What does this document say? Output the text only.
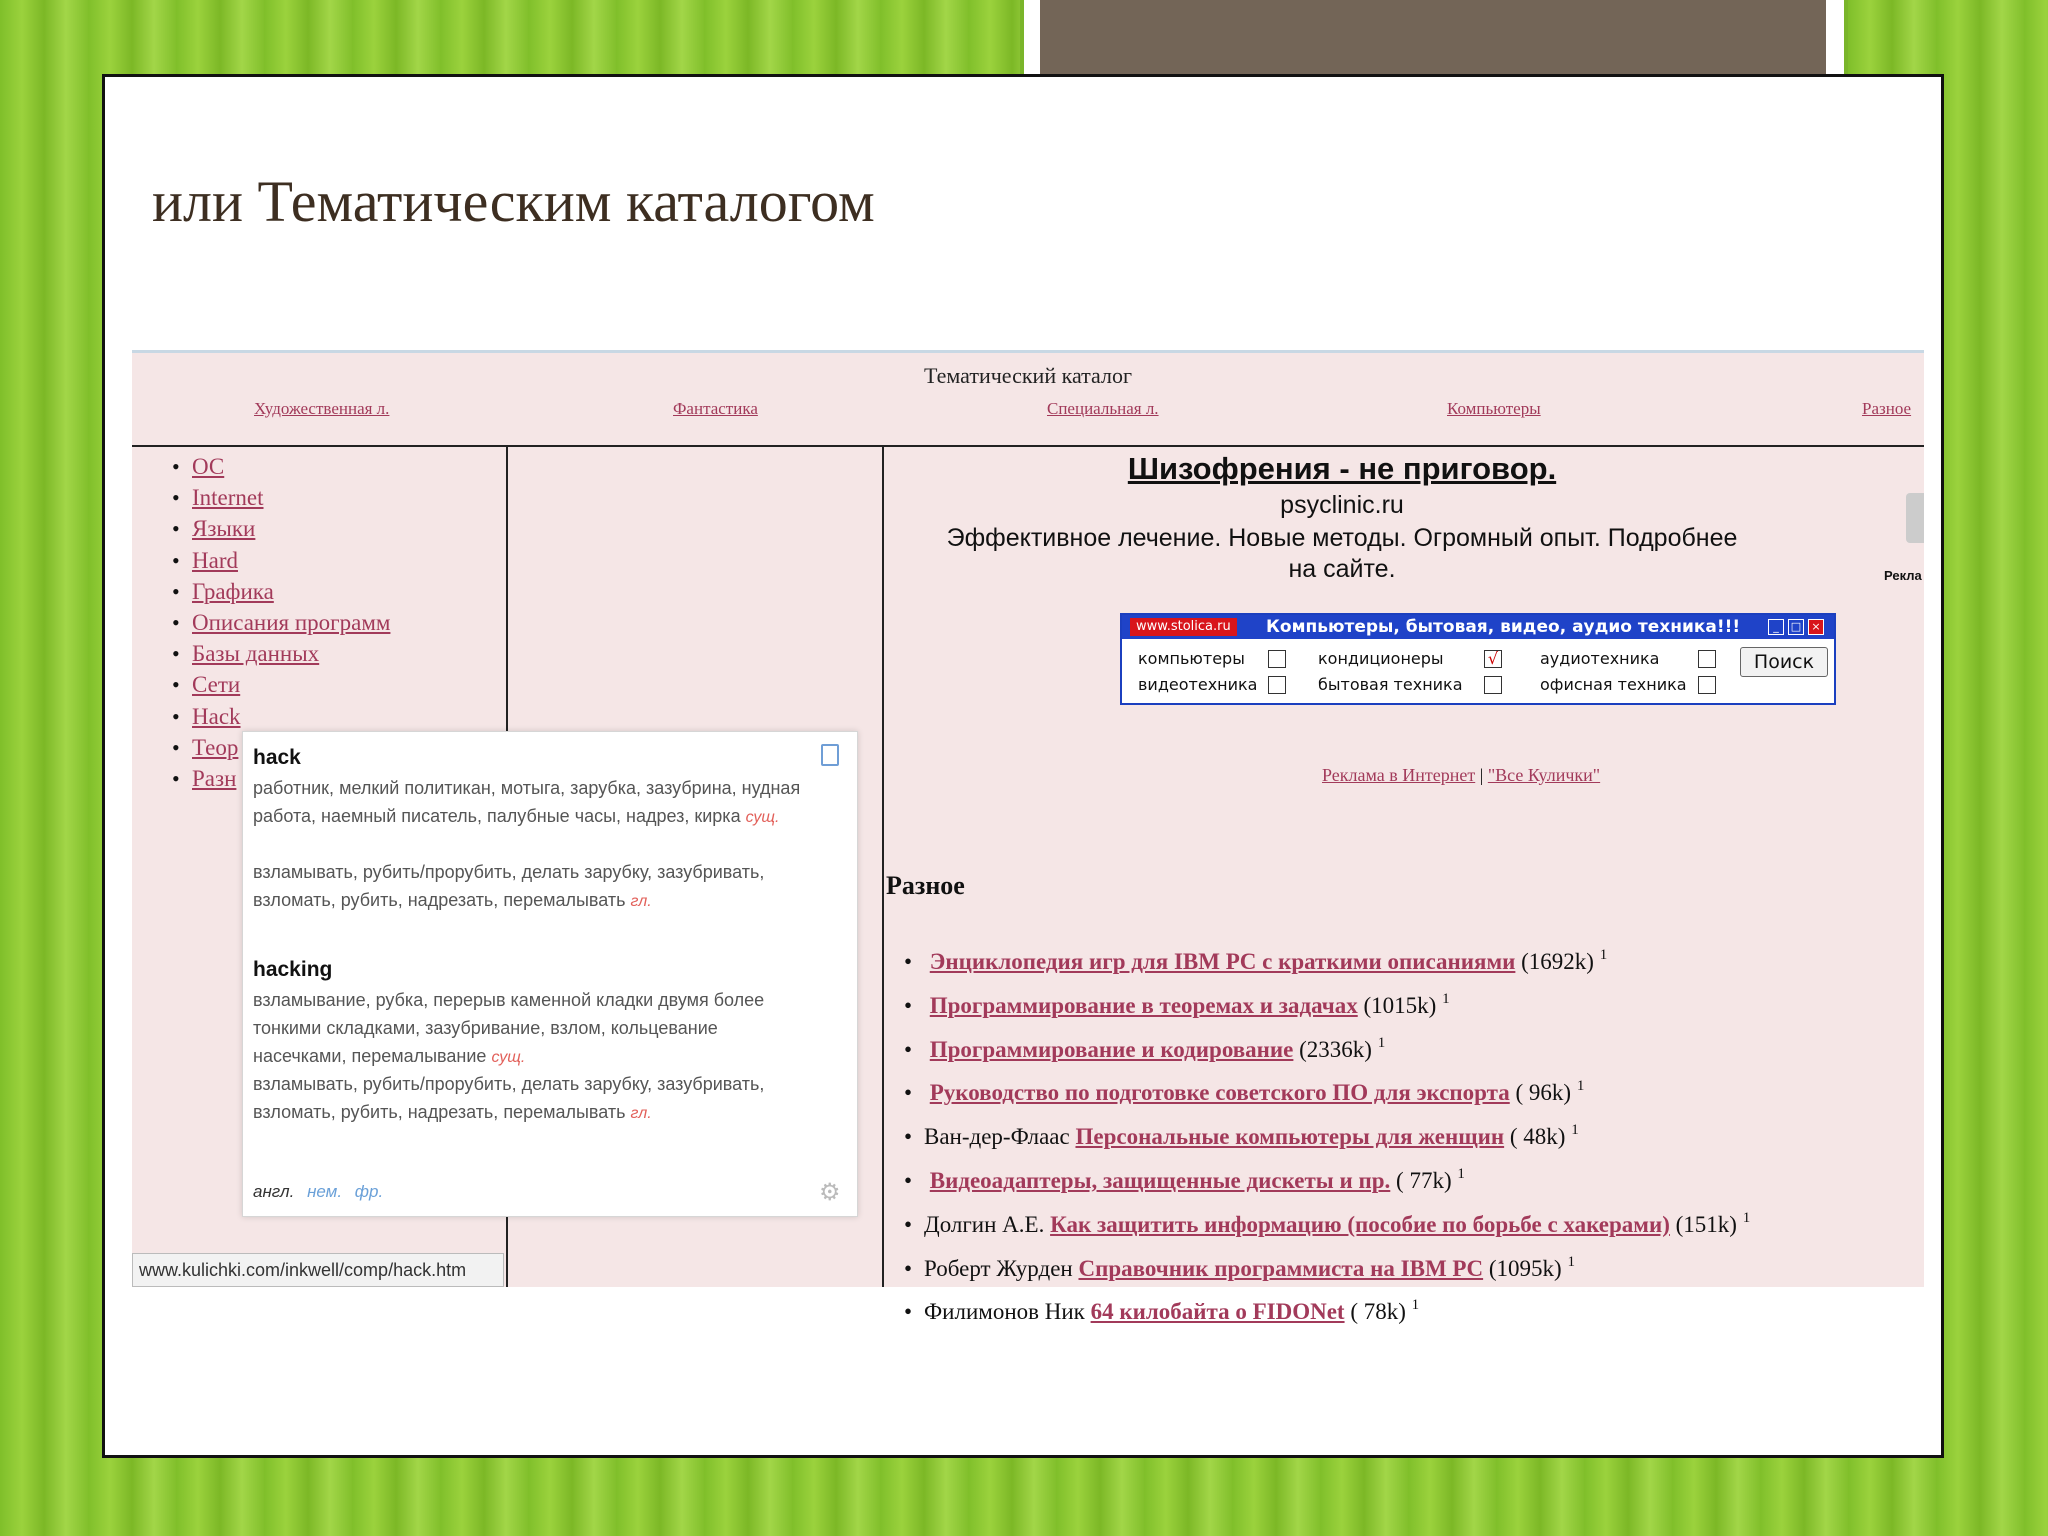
или Тематическим каталогом
Тематический каталог
Художественная л.	Фантастика	Специальная л.	Компьютеры	Разное
• ОС
• Internet
• Языки
• Hard
• Графика
• Описания программ
• Базы данных
• Сети
• Hack
• Теор
• Разн
Шизофрения - не приговор.
psyclinic.ru
Эффективное лечение. Новые методы. Огромный опыт. Подробнее на сайте.	Рекла
www.stolica.ru	Компьютеры, бытовая, видео, аудио техника!!!	_	□ ×
компьютеры	кондиционеры	√	аудиотехника
видеотехника	бытовая техника	офисная техника
Поиск
Реклама в Интернет | "Все Кулички"
Разное
• Энциклопедия игр для IBM PC с краткими описаниями (1692k) $^1$
• Программирование в теоремах и задачах (1015k) $^1$
• Программирование и кодирование (2336k) $^1$
• Руководство по подготовке советского ПО для экспорта ( 96k) $^1$
• Ван-дер-Флаас Персональные компьютеры для женщин ( 48k) $^1$
• Видеоадаптеры, защищенные дискеты и пр. ( 77k) $^1$
• Долгин А.Е. Как защитить информацию (пособие по борьбе с хакерами) (151k) $^1$
• Роберт Журден Справочник программиста на IBM PC (1095k) $^1$
• Филимонов Ник 64 килобайта о FIDONet ( 78k) $^1$
hack
работник, мелкий политикан, мотыга, зарубка, зазубрина, нудная работа, наемный писатель, палубные часы, надрез, кирка сущ.
взламывать, рубить/прорубить, делать зарубку, зазубривать, взломать, рубить, надрезать, перемалывать гл.
hacking
взламывание, рубка, перерыв каменной кладки двумя более тонкими складками, зазубривание, взлом, кольцевание насечками, перемалывание сущ.
взламывать, рубить/прорубить, делать зарубку, зазубривать, взломать, рубить, надрезать, перемалывать гл.
англ. нем. фр.	⚙
www.kulichki.com/inkwell/comp/hack.htm
